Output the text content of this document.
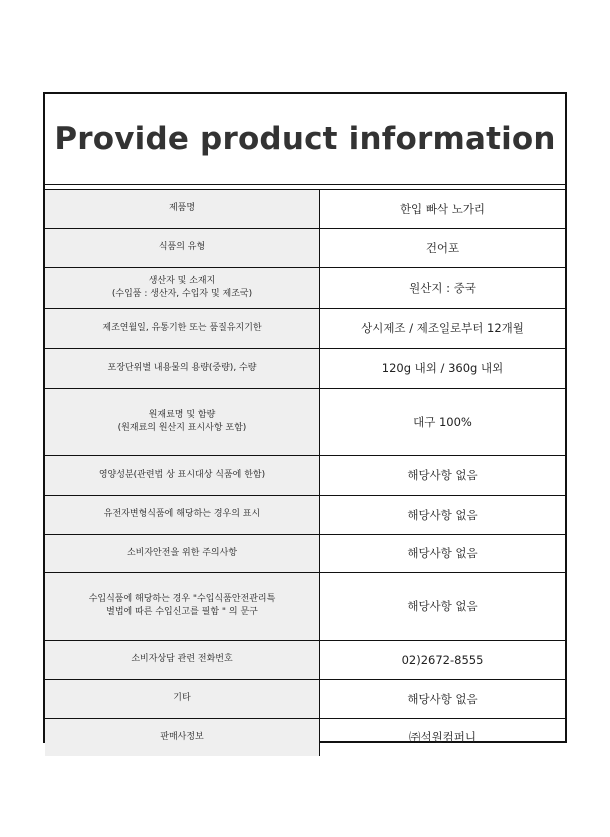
Provide product information
제품명	한입 빠삭 노가리

식품의 유형	건어포

생산자 및 소재지
(수입품 : 생산자, 수입자 및 제조국)	원산지 : 중국

제조연월일, 유통기한 또는 품질유지기한	상시제조 / 제조일로부터 12개월

포장단위별 내용물의 용량(중량), 수량	120g 내외 / 360g 내외

원재료명 및 함량
(원재료의 원산지 표시사항 포함)	대구 100%

영양성분(관련법 상 표시대상 식품에 한함)	해당사항 없음

유전자변형식품에 해당하는 경우의 표시	해당사항 없음

소비자안전을 위한 주의사항	해당사항 없음

수입식품에 해당하는 경우 "수입식품안전관리특
별법에 따른 수입신고를 필함 " 의 문구	해당사항 없음

소비자상담 관련 전화번호	02)2672-8555

기타	해당사항 없음

판매사정보	㈜석원컴퍼니
